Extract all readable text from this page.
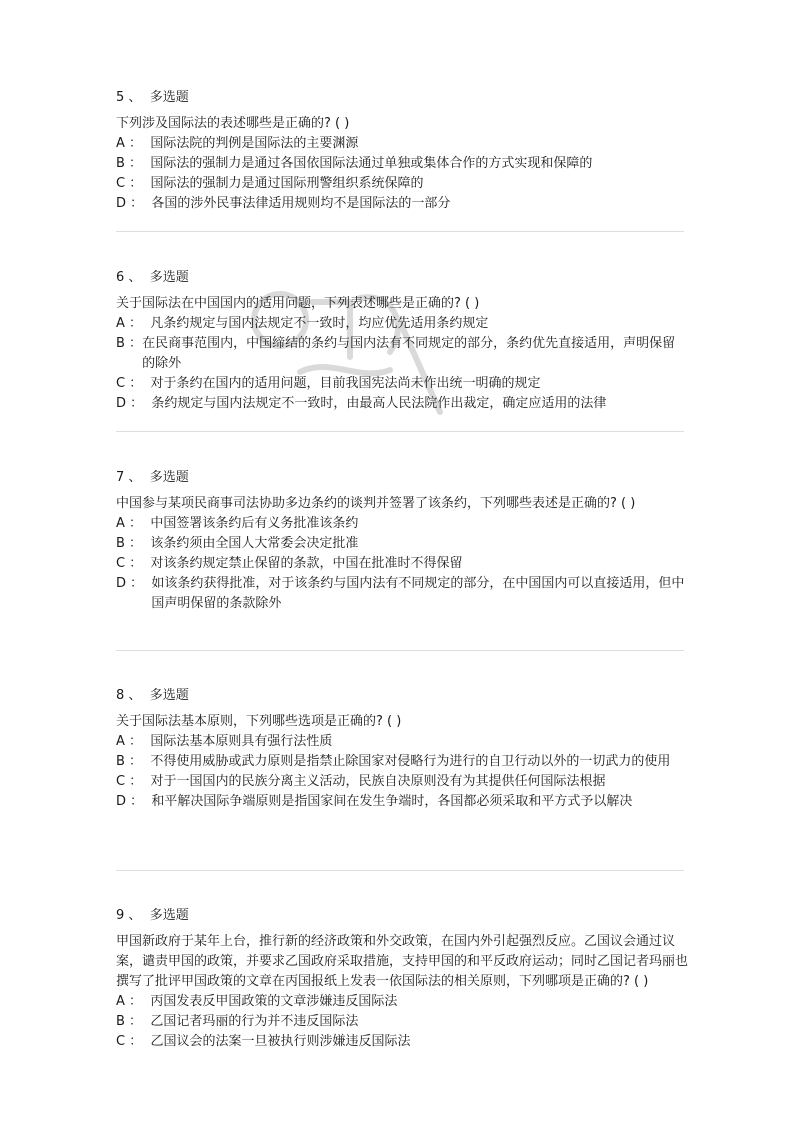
5 、 多选题

下列涉及国际法的表述哪些是正确的? ( )

A ： 国际法院的判例是国际法的主要渊源
B ： 国际法的强制力是通过各国依国际法通过单独或集体合作的方式实现和保障的
C ： 国际法的强制力是通过国际刑警组织系统保障的
D ： 各国的涉外民事法律适用规则均不是国际法的一部分
6 、 多选题

关于国际法在中国国内的适用问题，下列表述哪些是正确的? ( )

A ： 凡条约规定与国内法规定不一致时，均应优先适用条约规定
B ： 在民商事范围内，中国缔结的条约与国内法有不同规定的部分，条约优先直接适用，声明保留的除外
C ： 对于条约在国内的适用问题，目前我国宪法尚未作出统一明确的规定
D ： 条约规定与国内法规定不一致时，由最高人民法院作出裁定，确定应适用的法律
7 、 多选题

中国参与某项民商事司法协助多边条约的谈判并签署了该条约，下列哪些表述是正确的? ( )

A ： 中国签署该条约后有义务批准该条约
B ： 该条约须由全国人大常委会决定批准
C ： 对该条约规定禁止保留的条款，中国在批准时不得保留
D ： 如该条约获得批准，对于该条约与国内法有不同规定的部分，在中国国内可以直接适用，但中国声明保留的条款除外
8 、 多选题

关于国际法基本原则，下列哪些选项是正确的? ( )

A ： 国际法基本原则具有强行法性质
B ： 不得使用威胁或武力原则是指禁止除国家对侵略行为进行的自卫行动以外的一切武力的使用
C ： 对于一国国内的民族分离主义活动，民族自决原则没有为其提供任何国际法根据
D ： 和平解决国际争端原则是指国家间在发生争端时，各国都必须采取和平方式予以解决
9 、 多选题

甲国新政府于某年上台，推行新的经济政策和外交政策，在国内外引起强烈反应。乙国议会通过议案，谴责甲国的政策，并要求乙国政府采取措施，支持甲国的和平反政府运动；同时乙国记者玛丽也撰写了批评甲国政策的文章在丙国报纸上发表一依国际法的相关原则，下列哪项是正确的? ( )

A ： 丙国发表反甲国政策的文章涉嫌违反国际法
B ： 乙国记者玛丽的行为并不违反国际法
C ： 乙国议会的法案一旦被执行则涉嫌违反国际法
